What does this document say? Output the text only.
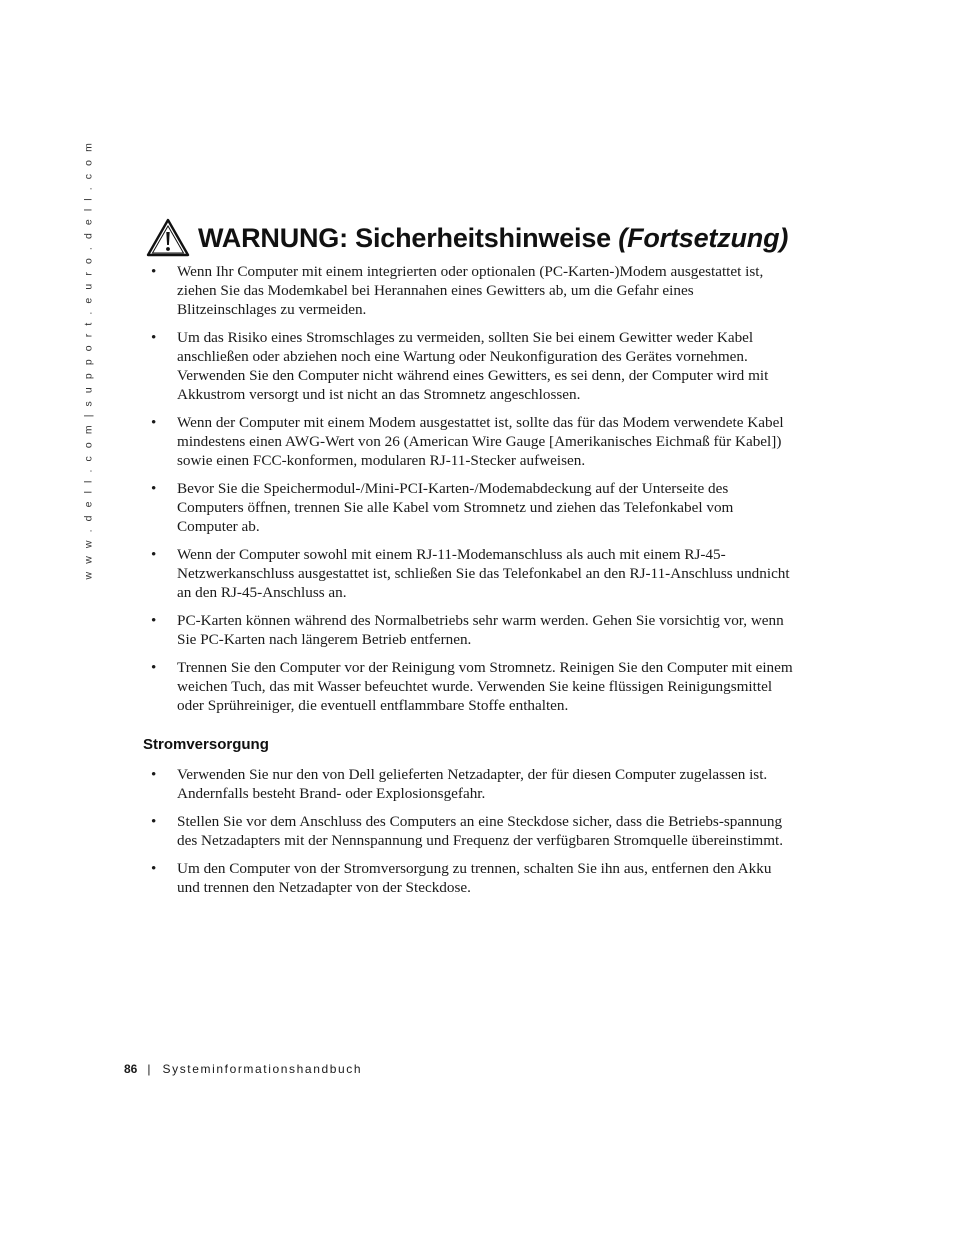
w w w . d e l l . c o m | s u p p o r t . e u r o . d e l l . c o m	WARNUNG: Sicherheitshinweise (Fortsetzung)
• Wenn Ihr Computer mit einem integrierten oder optionalen (PC-Karten-)Modem ausgestattet ist, ziehen Sie das Modemkabel bei Herannahen eines Gewitters ab, um die Gefahr eines Blitzeinschlages zu vermeiden.
• Um das Risiko eines Stromschlages zu vermeiden, sollten Sie bei einem Gewitter weder Kabel anschließen oder abziehen noch eine Wartung oder Neukonfiguration des Gerätes vornehmen. Verwenden Sie den Computer nicht während eines Gewitters, es sei denn, der Computer wird mit Akkustrom versorgt und ist nicht an das Stromnetz angeschlossen.
• Wenn der Computer mit einem Modem ausgestattet ist, sollte das für das Modem verwendete Kabel mindestens einen AWG-Wert von 26 (American Wire Gauge [Amerikanisches Eichmaß für Kabel]) sowie einen FCC-konformen, modularen RJ-11-Stecker aufweisen.
• Bevor Sie die Speichermodul-/Mini-PCI-Karten-/Modemabdeckung auf der Unterseite des Computers öffnen, trennen Sie alle Kabel vom Stromnetz und ziehen das Telefonkabel vom Computer ab.
• Wenn der Computer sowohl mit einem RJ-11-Modemanschluss als auch mit einem RJ-45-Netzwerkanschluss ausgestattet ist, schließen Sie das Telefonkabel an den RJ-11-Anschluss undnicht an den RJ-45-Anschluss an.
• PC-Karten können während des Normalbetriebs sehr warm werden. Gehen Sie vorsichtig vor, wenn Sie PC-Karten nach längerem Betrieb entfernen.
• Trennen Sie den Computer vor der Reinigung vom Stromnetz. Reinigen Sie den Computer mit einem weichen Tuch, das mit Wasser befeuchtet wurde. Verwenden Sie keine flüssigen Reinigungsmittel oder Sprühreiniger, die eventuell entflammbare Stoffe enthalten.
Stromversorgung
• Verwenden Sie nur den von Dell gelieferten Netzadapter, der für diesen Computer zugelassen ist. Andernfalls besteht Brand- oder Explosionsgefahr.
• Stellen Sie vor dem Anschluss des Computers an eine Steckdose sicher, dass die Betriebs-spannung des Netzadapters mit der Nennspannung und Frequenz der verfügbaren Stromquelle übereinstimmt.
• Um den Computer von der Stromversorgung zu trennen, schalten Sie ihn aus, entfernen den Akku und trennen den Netzadapter von der Steckdose.
86 | Systeminformationshandbuch
